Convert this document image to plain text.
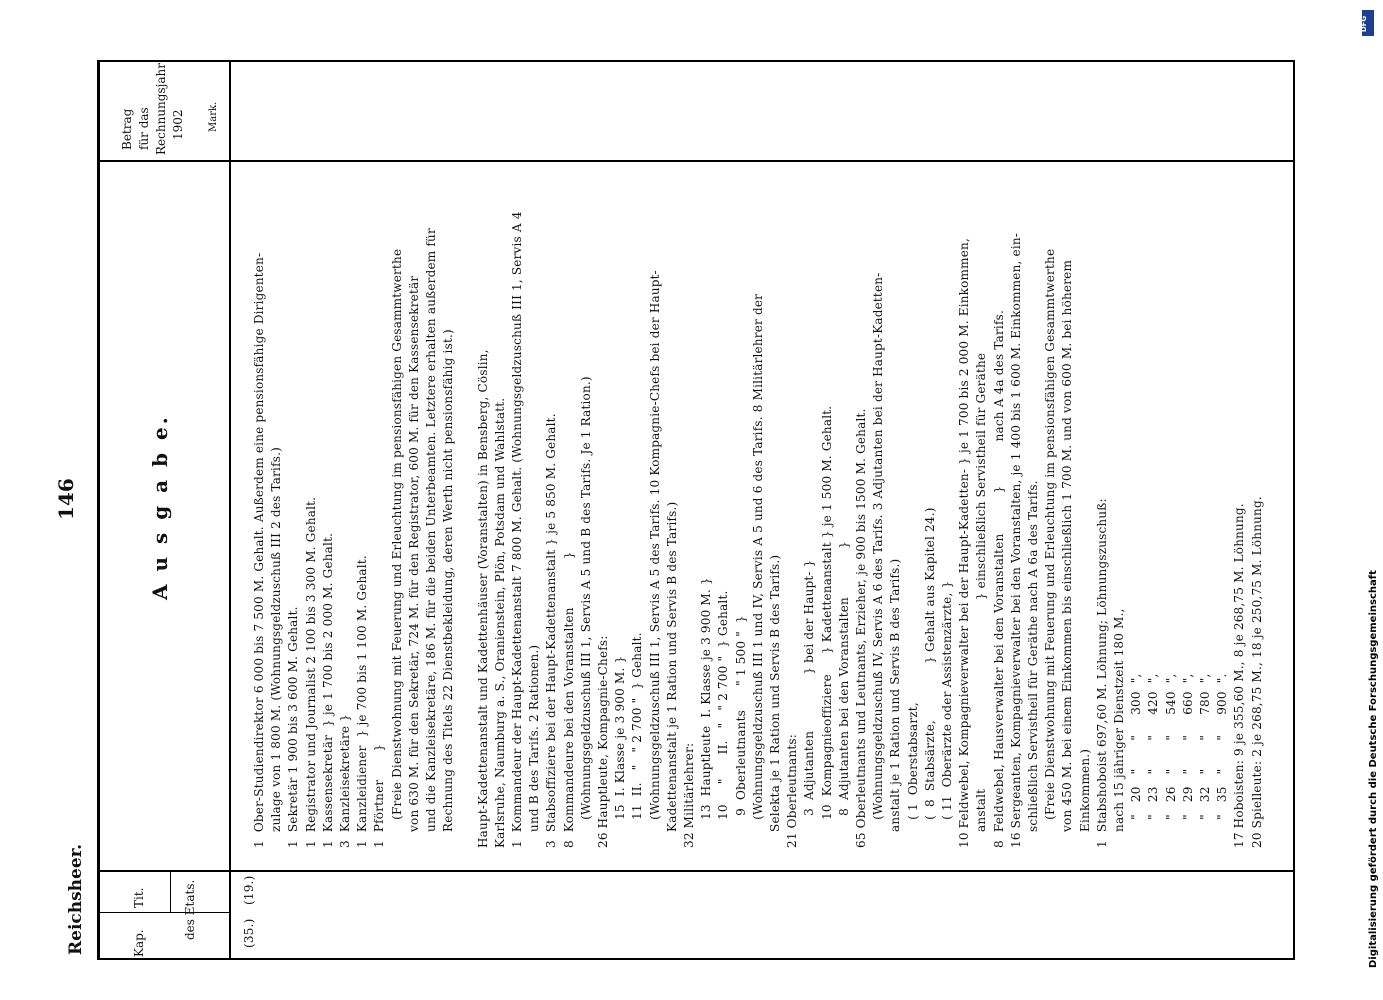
Reichsheer.
146
Kap.
Tit.	des Etats.
Betrag für das Rechnungsjahr 1902 Mark.
A u s g a b e.
(35.)
(19.)
1  Ober-Studiendirektor 6 000 bis 7 500 M. Gehalt. Außerdem eine pensionsfähige Dirigenten- zulage von 1 800 M. (Wohnungsgeldzuschuß III 2 des Tarifs.) 1  Sekretär 1 900 bis 3 600 M. Gehalt. 1  Registrator und Journalist 2 100 bis 3 300 M. Gehalt. 1  Kassensekretär  } je 1 700 bis 2 000 M. Gehalt. 3  Kanzleisekretäre } 1  Kanzleidiener  } je 700 bis 1 100 M. Gehalt. 1  Pförtner       } (Freie Dienstwohnung mit Feuerung und Erleuchtung im pensionsfähigen Gesammtwerthe von 630 M. für den Sekretär, 724 M. für den Registrator, 600 M. für den Kassensekretär und die Kanzleisekretäre, 186 M. für die beiden Unterbeamten. Letztere erhalten außerdem für Rechnung des Titels 22 Dienstbekleidung, deren Werth nicht pensionsfähig ist.) Haupt-Kadettenanstalt und Kadettenhäuser (Voranstalten) in Bensberg, Cöslin, Karlsruhe, Naumburg a. S., Oranienstein, Plön, Potsdam und Wahlstatt. 1  Kommandeur der Haupt-Kadettenanstalt 7 800 M. Gehalt. (Wohnungsgeldzuschuß III 1, Servis A 4 und B des Tarifs. 2 Rationen.) 3  Stabsoffiziere bei der Haupt-Kadettenanstalt } je 5 850 M. Gehalt. 8  Kommandeure bei den Voranstalten            } (Wohnungsgeldzuschuß III 1, Servis A 5 und B des Tarifs. Je 1 Ration.) 26 Hauptleute, Kompagnie-Chefs: 15  I. Klasse je 3 900 M. } 11  II.   "   " 2 700 "  } Gehalt. (Wohnungsgeldzuschuß III 1, Servis A 5 des Tarifs. 10 Kompagnie-Chefs bei der Haupt- Kadettenanstalt je 1 Ration und Servis B des Tarifs.) 32 Militärlehrer: 13  Hauptleute  I. Klasse je 3 900 M. } 10     "      II.   "   " 2 700 "  } Gehalt. 9  Oberleutnants      " 1 500 "  } (Wohnungsgeldzuschuß III 1 und IV, Servis A 5 und 6 des Tarifs. 8 Militärlehrer der Selekta je 1 Ration und Servis B des Tarifs.) 21 Oberleutnants: 3  Adjutanten              } bei der Haupt- } 10  Kompagnieoffiziere     } Kadettenanstalt } je 1 500 M. Gehalt. 8  Adjutanten bei den Voranstalten            } 65 Oberleutnants und Leutnants, Erzieher, je 900 bis 1500 M. Gehalt. (Wohnungsgeldzuschuß IV, Servis A 6 des Tarifs. 3 Adjutanten bei der Haupt-Kadetten- anstalt je 1 Ration und Servis B des Tarifs.) ( 1  Oberstabsarzt, (  8  Stabsärzte,              } Gehalt aus Kapitel 24.) ( 11  Oberärzte oder Assistenzärzte, } 10 Feldwebel, Kompagnieverwalter bei der Haupt-Kadetten- } je 1 700 bis 2 000 M. Einkommen, anstalt                                               } einschließlich Servistheil für Geräthe 8  Feldwebel, Hausverwalter bei den Voranstalten          }           nach A 4a des Tarifs. 16 Sergeanten, Kompagnieverwalter bei den Voranstalten, je 1 400 bis 1 600 M. Einkommen, ein- schließlich Servistheil für Geräthe nach A 6a des Tarifs. (Freie Dienstwohnung mit Feuerung und Erleuchtung im pensionsfähigen Gesammtwerthe von 450 M. bei einem Einkommen bis einschließlich 1 700 M. und von 600 M. bei höherem Einkommen.) 1  Stabshoboist 697,60 M. Löhnung; Löhnungszuschuß: nach 15 jähriger Dienstzeit 180 M., "   20   "       "     300  ", "   23   "       "     420  ", "   26   "       "     540  ", "   29   "       "     660  ", "   32   "       "     780  ", "   35   "       "     900  ". 17 Hoboisten: 9 je 355,60 M., 8 je 268,75 M. Löhnung. 20 Spielleute: 2 je 268,75 M., 18 je 250,75 M. Löhnung.	Digitalisierung gefördert durch die Deutsche Forschungsgemeinschaft
DFG
